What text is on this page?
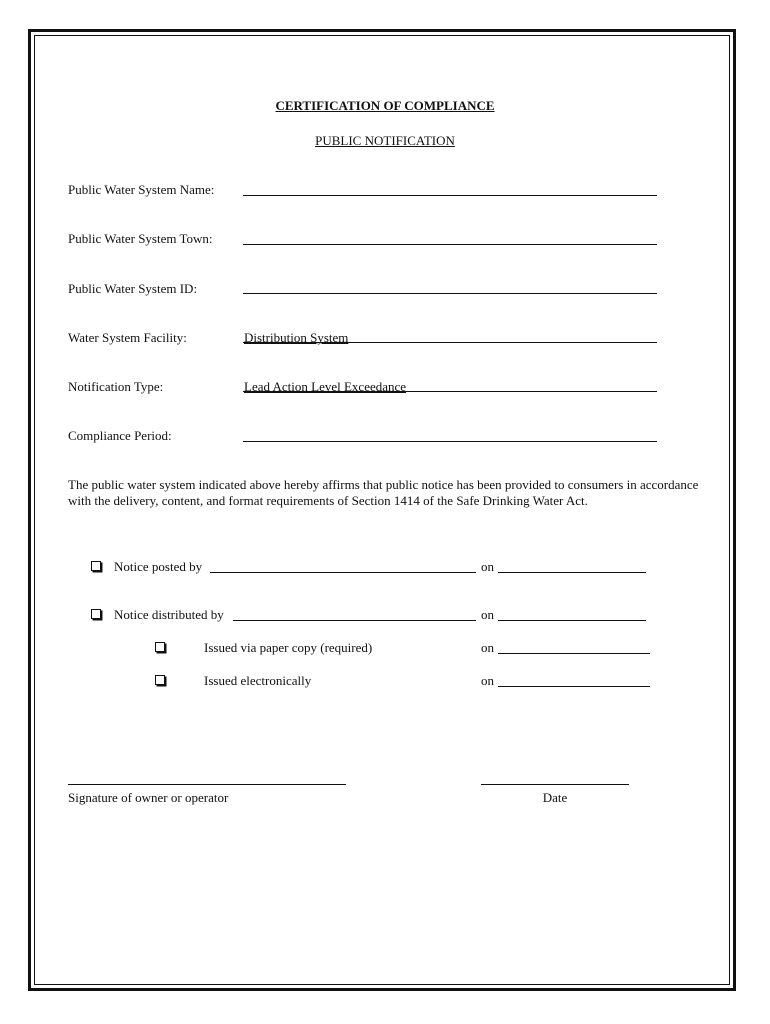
CERTIFICATION OF COMPLIANCE
PUBLIC NOTIFICATION
Public Water System Name:
Public Water System Town:
Public Water System ID:
Water System Facility:	Distribution System
Notification Type:	Lead Action Level Exceedance
Compliance Period:
The public water system indicated above hereby affirms that public notice has been provided to consumers in accordance with the delivery, content, and format requirements of Section 1414 of the Safe Drinking Water Act.
Notice posted by	on
Notice distributed by	on
Issued via paper copy (required)	on
Issued electronically	on
Signature of owner or operator	Date
